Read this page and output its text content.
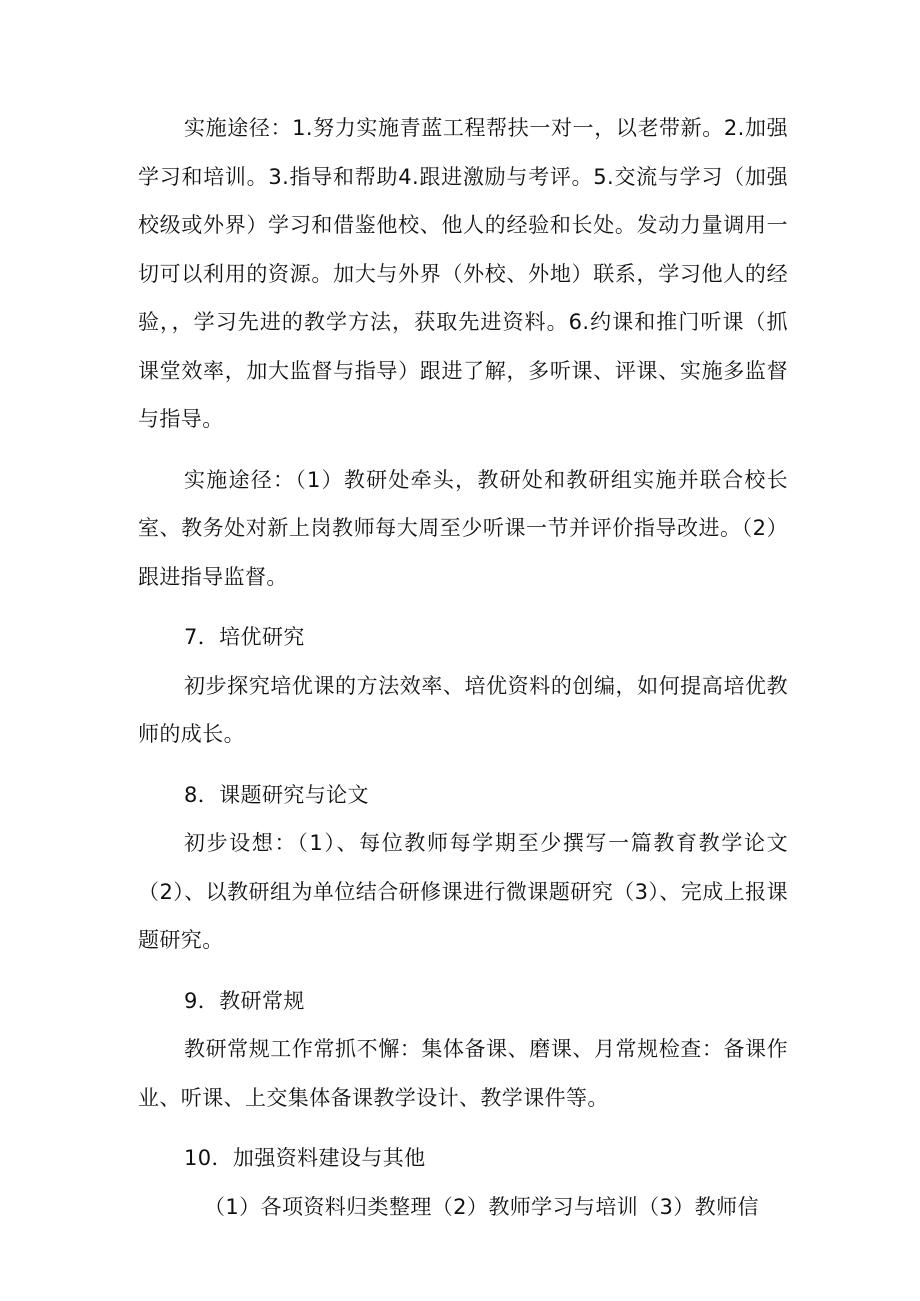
实施途径：1.努力实施青蓝工程帮扶一对一，以老带新。2.加强学习和培训。3.指导和帮助4.跟进激励与考评。5.交流与学习（加强校级或外界）学习和借鉴他校、他人的经验和长处。发动力量调用一切可以利用的资源。加大与外界（外校、外地）联系，学习他人的经验，，学习先进的教学方法，获取先进资料。6.约课和推门听课（抓课堂效率，加大监督与指导）跟进了解，多听课、评课、实施多监督与指导。

实施途径：（1）教研处牵头，教研处和教研组实施并联合校长室、教务处对新上岗教师每大周至少听课一节并评价指导改进。（2）跟进指导监督。

7．培优研究

初步探究培优课的方法效率、培优资料的创编，如何提高培优教师的成长。

8．课题研究与论文

初步设想：（1）、每位教师每学期至少撰写一篇教育教学论文（2）、以教研组为单位结合研修课进行微课题研究（3）、完成上报课题研究。

9．教研常规

教研常规工作常抓不懈：集体备课、磨课、月常规检查：备课作业、听课、上交集体备课教学设计、教学课件等。

10．加强资料建设与其他

（1）各项资料归类整理（2）教师学习与培训（3）教师信
